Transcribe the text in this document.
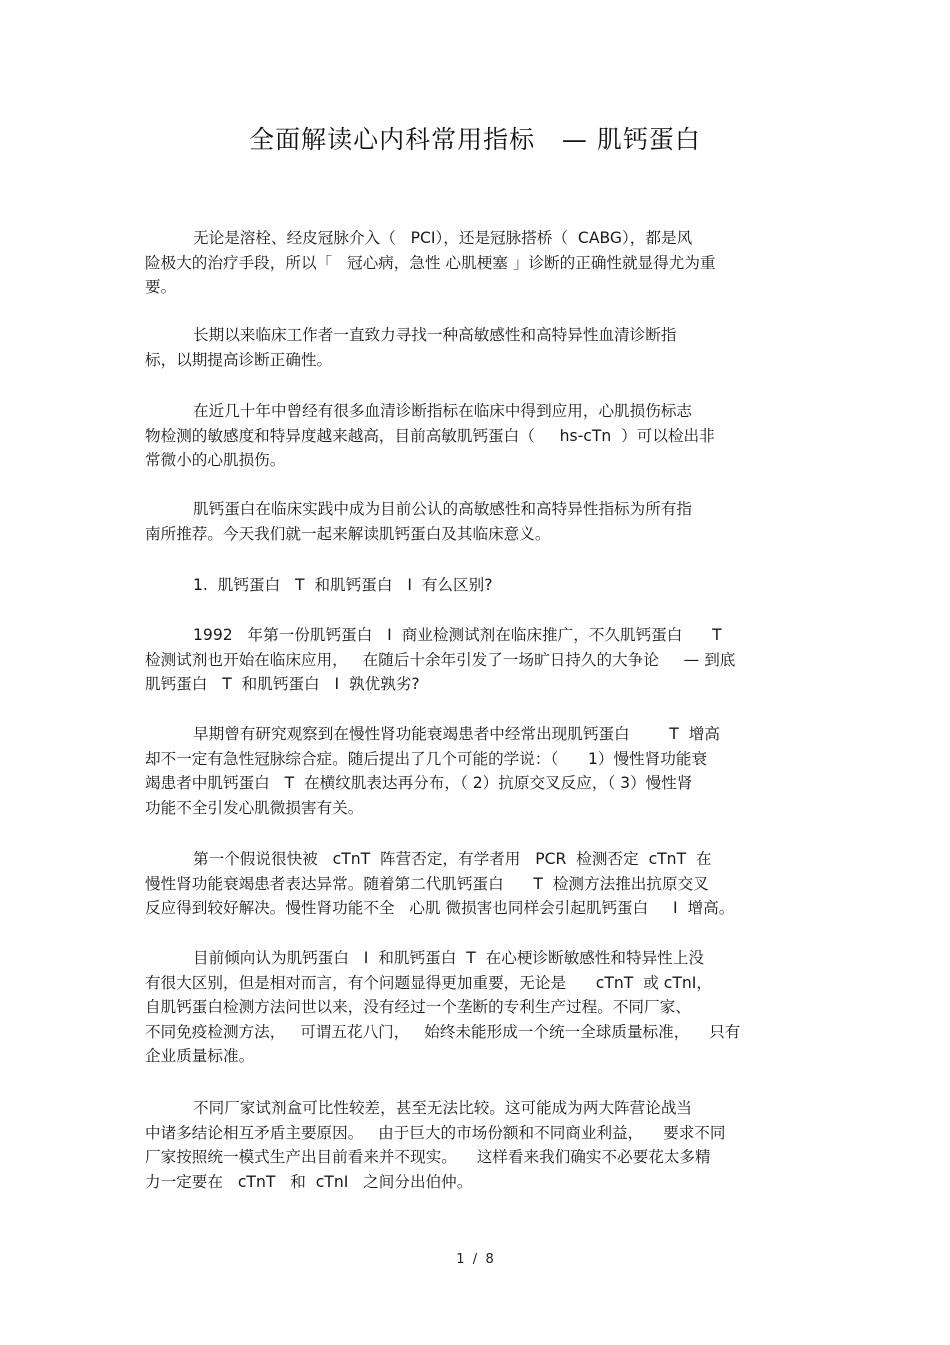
全面解读心内科常用指标   — 肌钙蛋白
无论是溶栓、经皮冠脉介入（   PCI），还是冠脉搭桥（  CABG），都是风
险极大的治疗手段，所以「   冠心病，急性 心肌梗塞 」诊断的正确性就显得尤为重
要。
长期以来临床工作者一直致力寻找一种高敏感性和高特异性血清诊断指
标，以期提高诊断正确性。
在近几十年中曾经有很多血清诊断指标在临床中得到应用，心肌损伤标志
物检测的敏感度和特异度越来越高，目前高敏肌钙蛋白（     hs-cTn  ）可以检出非
常微小的心肌损伤。
肌钙蛋白在临床实践中成为目前公认的高敏感性和高特异性指标为所有指
南所推荐。今天我们就一起来解读肌钙蛋白及其临床意义。
1.  肌钙蛋白   T  和肌钙蛋白   I  有么区别?
1992   年第一份肌钙蛋白   I  商业检测试剂在临床推广，不久肌钙蛋白      T
检测试剂也开始在临床应用，   在随后十余年引发了一场旷日持久的大争论     — 到底
肌钙蛋白   T  和肌钙蛋白   I  孰优孰劣?
早期曾有研究观察到在慢性肾功能衰竭患者中经常出现肌钙蛋白        T  增高
却不一定有急性冠脉综合症。随后提出了几个可能的学说：（      1）慢性肾功能衰
竭患者中肌钙蛋白   T  在横纹肌表达再分布，（ 2）抗原交叉反应，（ 3）慢性肾
功能不全引发心肌微损害有关。
第一个假说很快被   cTnT  阵营否定，有学者用   PCR  检测否定  cTnT  在
慢性肾功能衰竭患者表达异常。随着第二代肌钙蛋白      T  检测方法推出抗原交叉
反应得到较好解决。慢性肾功能不全   心肌 微损害也同样会引起肌钙蛋白     I  增高。
目前倾向认为肌钙蛋白   I  和肌钙蛋白  T  在心梗诊断敏感性和特异性上没
有很大区别，但是相对而言，有个问题显得更加重要，无论是      cTnT  或 cTnI，
自肌钙蛋白检测方法问世以来，没有经过一个垄断的专利生产过程。不同厂家、
不同免疫检测方法，   可谓五花八门，   始终未能形成一个统一全球质量标准，    只有
企业质量标准。
不同厂家试剂盒可比性较差，甚至无法比较。这可能成为两大阵营论战当
中诸多结论相互矛盾主要原因。   由于巨大的市场份额和不同商业利益，    要求不同
厂家按照统一模式生产出目前看来并不现实。    这样看来我们确实不必要花太多精
力一定要在   cTnT   和  cTnI   之间分出伯仲。
1  /  8
